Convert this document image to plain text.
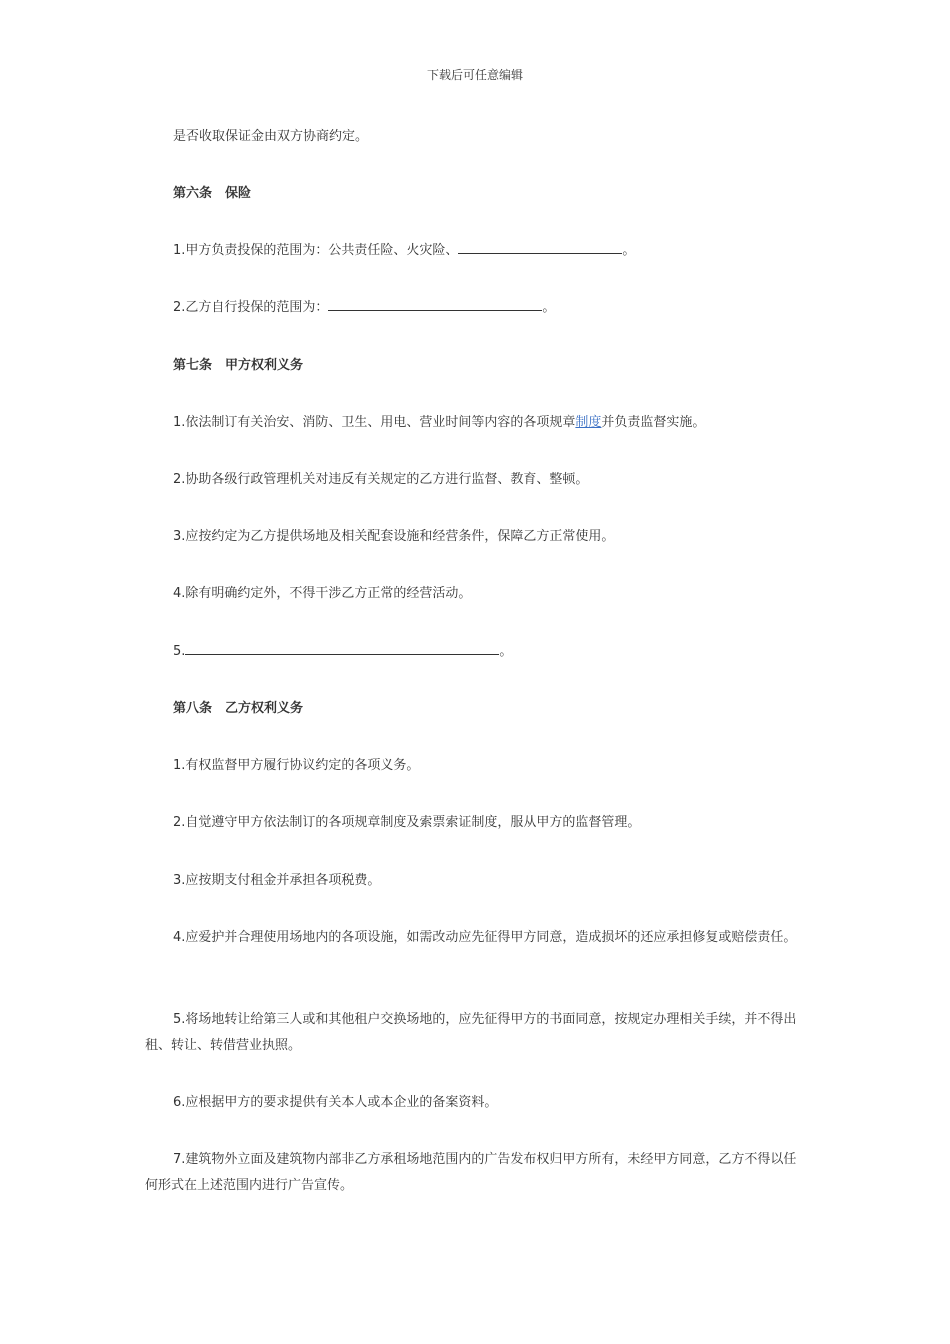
下载后可任意编辑
是否收取保证金由双方协商约定。
第六条　保险
1.甲方负责投保的范围为：公共责任险、火灾险、	。
2.乙方自行投保的范围为：	。
第七条　甲方权利义务
1.依法制订有关治安、消防、卫生、用电、营业时间等内容的各项规章制度并负责监督实施。
2.协助各级行政管理机关对违反有关规定的乙方进行监督、教育、整顿。
3.应按约定为乙方提供场地及相关配套设施和经营条件，保障乙方正常使用。
4.除有明确约定外，不得干涉乙方正常的经营活动。
5.	。
第八条　乙方权利义务
1.有权监督甲方履行协议约定的各项义务。
2.自觉遵守甲方依法制订的各项规章制度及索票索证制度，服从甲方的监督管理。
3.应按期支付租金并承担各项税费。
4.应爱护并合理使用场地内的各项设施，如需改动应先征得甲方同意，造成损坏的还应承担修复或赔偿责任。
5.将场地转让给第三人或和其他租户交换场地的，应先征得甲方的书面同意，按规定办理相关手续，并不得出租、转让、转借营业执照。
6.应根据甲方的要求提供有关本人或本企业的备案资料。
7.建筑物外立面及建筑物内部非乙方承租场地范围内的广告发布权归甲方所有，未经甲方同意，乙方不得以任何形式在上述范围内进行广告宣传。
